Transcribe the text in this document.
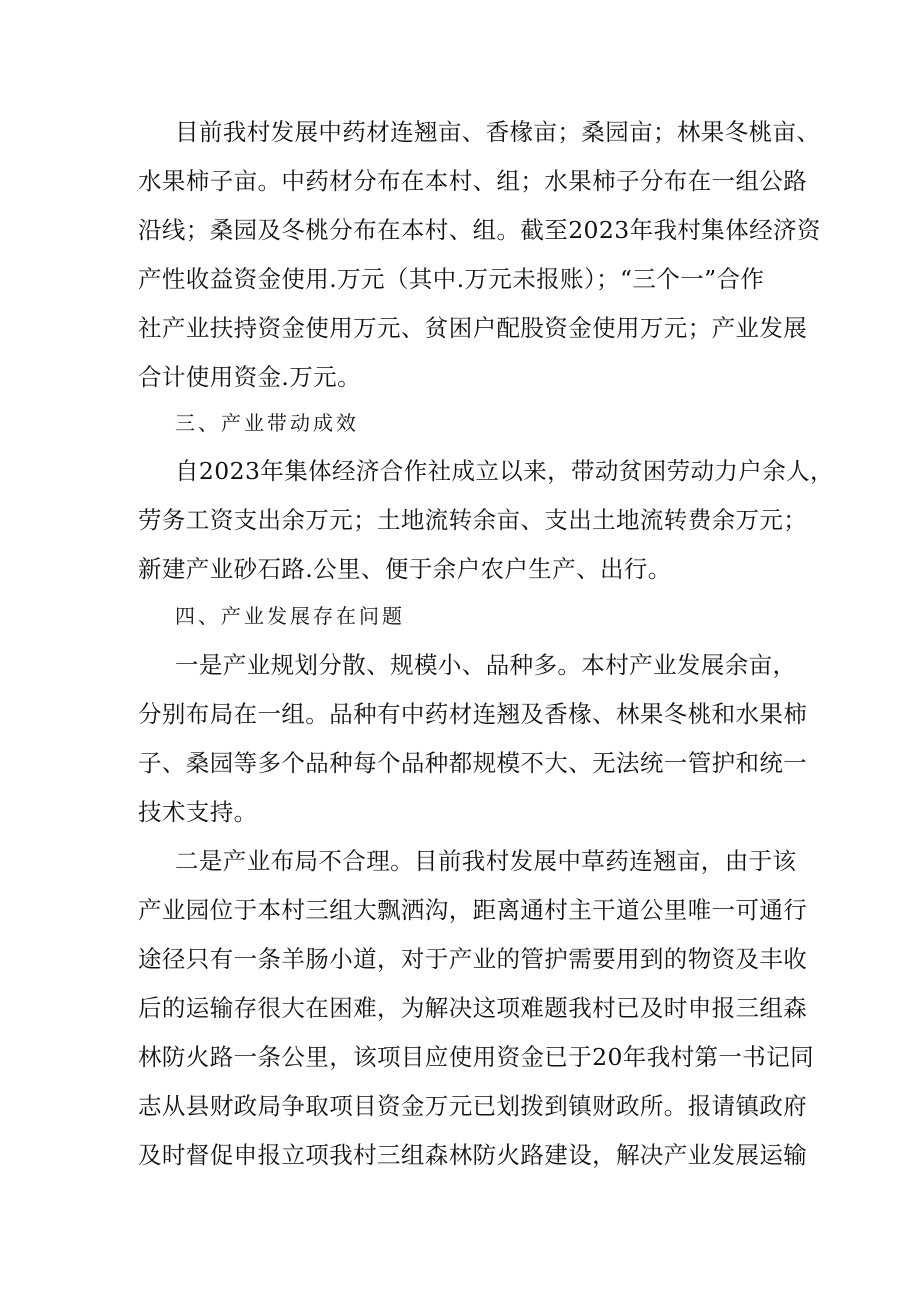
目前我村发展中药材连翘亩、香椽亩；桑园亩；林果冬桃亩、
水果柿子亩。中药材分布在本村、组；水果柿子分布在一组公路
沿线；桑园及冬桃分布在本村、组。截至2023年我村集体经济资
产性收益资金使用.万元（其中.万元未报账）；“三个一”合作
社产业扶持资金使用万元、贫困户配股资金使用万元；产业发展
合计使用资金.万元。
三、产业带动成效
自2023年集体经济合作社成立以来，带动贫困劳动力户余人，
劳务工资支出余万元；土地流转余亩、支出土地流转费余万元；
新建产业砂石路.公里、便于余户农户生产、出行。
四、产业发展存在问题
一是产业规划分散、规模小、品种多。本村产业发展余亩，
分别布局在一组。品种有中药材连翘及香椽、林果冬桃和水果柿
子、桑园等多个品种每个品种都规模不大、无法统一管护和统一
技术支持。
二是产业布局不合理。目前我村发展中草药连翘亩，由于该
产业园位于本村三组大飘洒沟，距离通村主干道公里唯一可通行
途径只有一条羊肠小道，对于产业的管护需要用到的物资及丰收
后的运输存很大在困难，为解决这项难题我村已及时申报三组森
林防火路一条公里，该项目应使用资金已于20年我村第一书记同
志从县财政局争取项目资金万元已划拨到镇财政所。报请镇政府
及时督促申报立项我村三组森林防火路建设，解决产业发展运输
